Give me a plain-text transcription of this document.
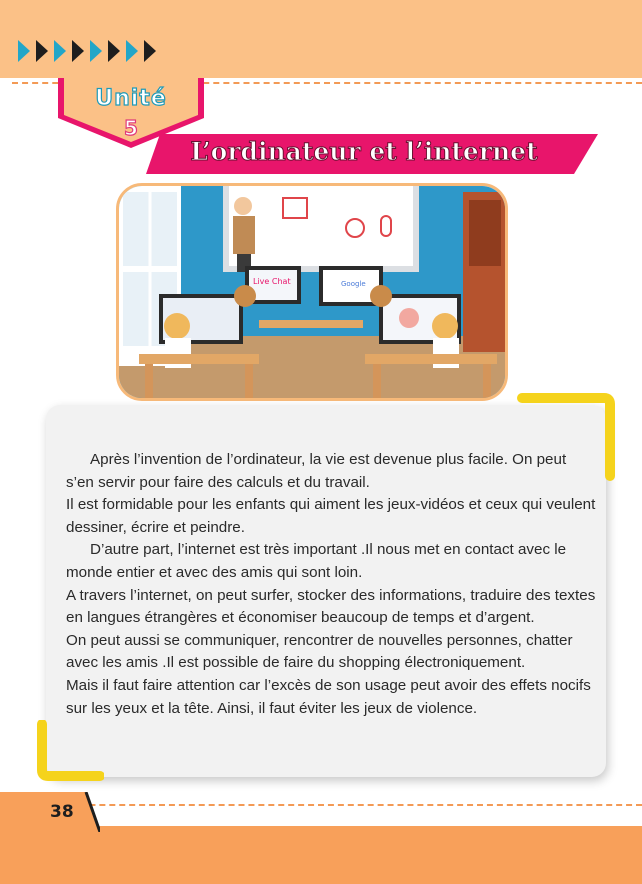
Unité
5
L’ordinateur et l’internet
Live Chat	Google

Après l’invention de l’ordinateur, la vie est devenue plus facile. On peut s’en servir pour faire des calculs et du travail.

Il est formidable pour les enfants qui aiment les jeux-vidéos et ceux qui veulent dessiner, écrire et peindre.

D’autre part, l’internet est très important .Il nous met en contact avec le monde entier et avec des amis qui sont loin.

A travers l’internet, on peut surfer, stocker des informations, traduire des textes en langues étrangères et économiser beaucoup de temps et d’argent.

On peut aussi se communiquer, rencontrer de nouvelles personnes, chatter avec les amis .Il est possible de faire du shopping électroniquement.

Mais il faut faire attention car l’excès de son usage peut avoir des effets nocifs sur les yeux et la tête. Ainsi, il faut éviter les jeux de violence.

38
